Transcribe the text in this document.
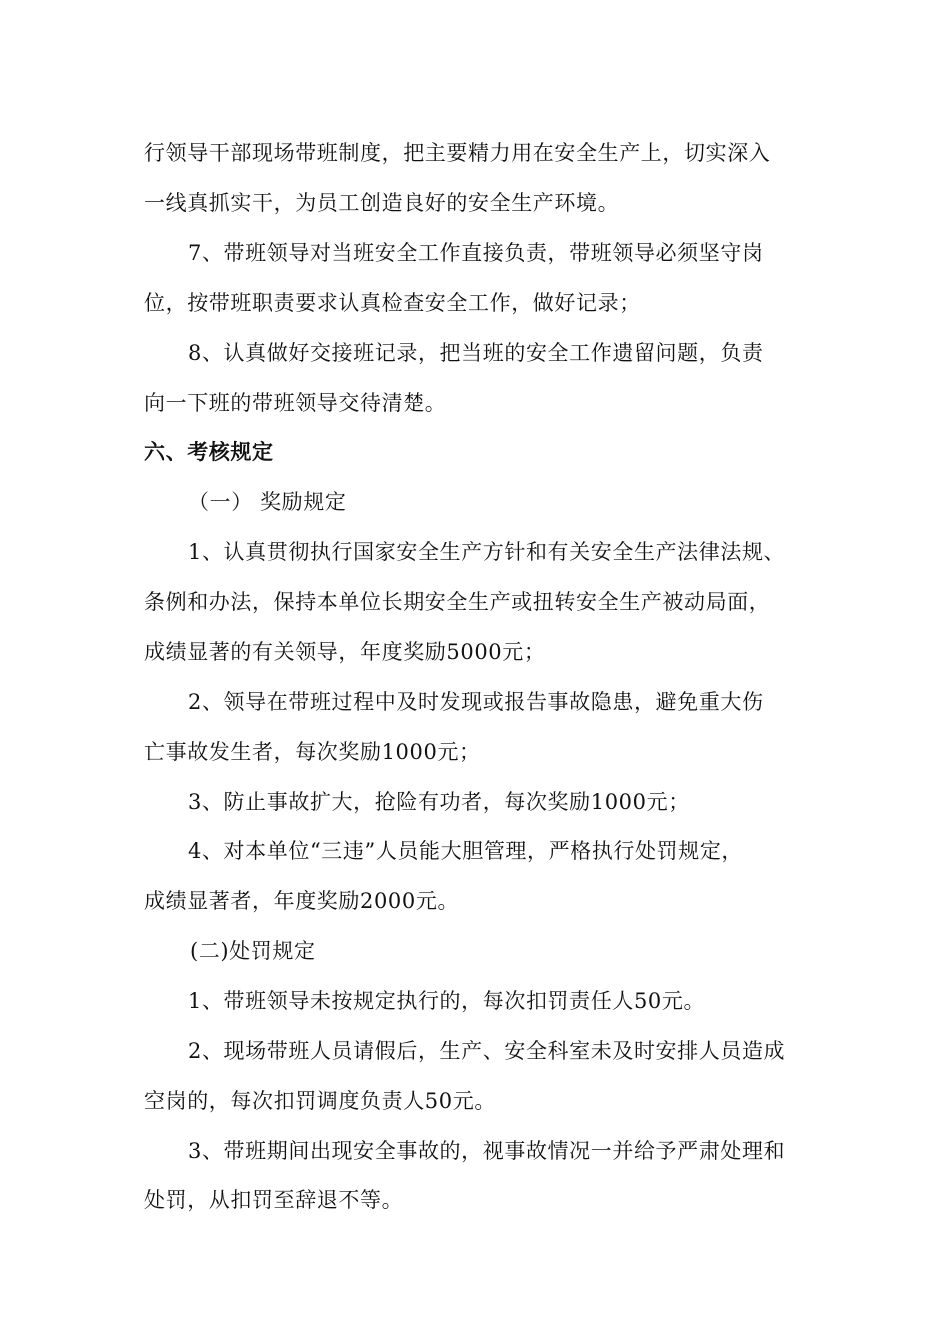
行领导干部现场带班制度，把主要精力用在安全生产上，切实深入
一线真抓实干，为员工创造良好的安全生产环境。
7、带班领导对当班安全工作直接负责，带班领导必须坚守岗
位，按带班职责要求认真检查安全工作，做好记录；
8、认真做好交接班记录，把当班的安全工作遗留问题，负责
向一下班的带班领导交待清楚。
六、考核规定
（一） 奖励规定
1、认真贯彻执行国家安全生产方针和有关安全生产法律法规、
条例和办法，保持本单位长期安全生产或扭转安全生产被动局面，
成绩显著的有关领导，年度奖励5000元；
2、领导在带班过程中及时发现或报告事故隐患，避免重大伤
亡事故发生者，每次奖励1000元；
3、防止事故扩大，抢险有功者，每次奖励1000元；
4、对本单位“三违”人员能大胆管理，严格执行处罚规定，
成绩显著者，年度奖励2000元。
(二)处罚规定
1、带班领导未按规定执行的，每次扣罚责任人50元。
2、现场带班人员请假后，生产、安全科室未及时安排人员造成
空岗的，每次扣罚调度负责人50元。
3、带班期间出现安全事故的，视事故情况一并给予严肃处理和
处罚，从扣罚至辞退不等。
